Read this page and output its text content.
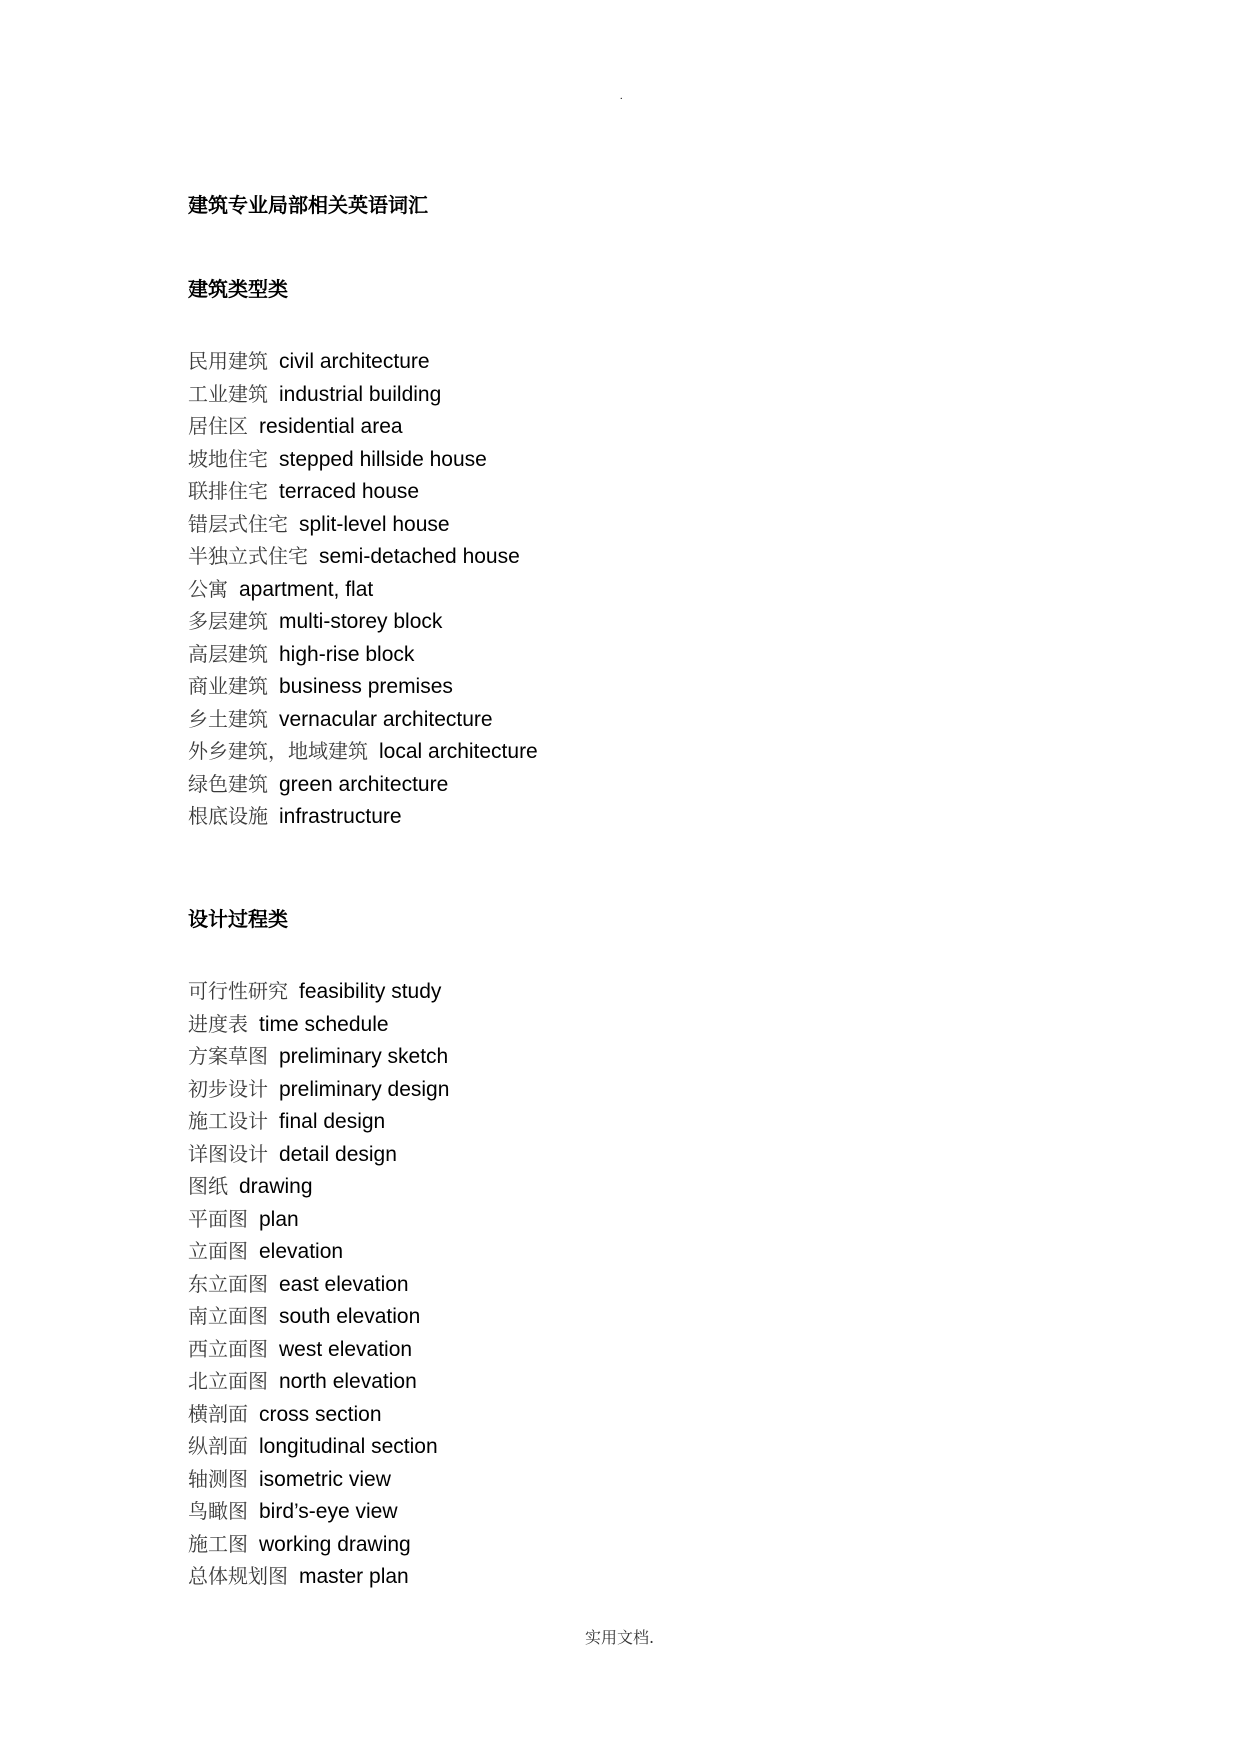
.
建筑专业局部相关英语词汇
建筑类型类
民用建筑 civil architecture
工业建筑 industrial building
居住区 residential area
坡地住宅 stepped hillside house
联排住宅 terraced house
错层式住宅 split-level house
半独立式住宅 semi-detached house
公寓 apartment, flat
多层建筑 multi-storey block
高层建筑 high-rise block
商业建筑 business premises
乡土建筑 vernacular architecture
外乡建筑，地域建筑 local architecture
绿色建筑 green architecture
根底设施 infrastructure
设计过程类
可行性研究 feasibility study
进度表 time schedule
方案草图 preliminary sketch
初步设计 preliminary design
施工设计 final design
详图设计 detail design
图纸 drawing
平面图 plan
立面图 elevation
东立面图 east elevation
南立面图 south elevation
西立面图 west elevation
北立面图 north elevation
横剖面 cross section
纵剖面 longitudinal section
轴测图 isometric view
鸟瞰图 bird’s-eye view
施工图 working drawing
总体规划图 master plan
实用文档.
